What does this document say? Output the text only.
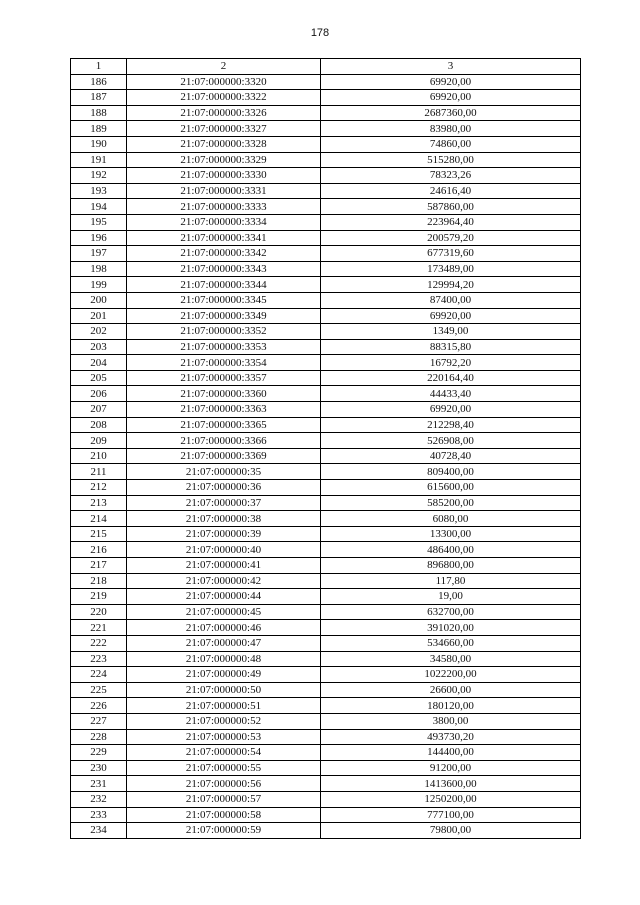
178
1	2	3
186	21:07:000000:3320	69920,00
187	21:07:000000:3322	69920,00
188	21:07:000000:3326	2687360,00
189	21:07:000000:3327	83980,00
190	21:07:000000:3328	74860,00
191	21:07:000000:3329	515280,00
192	21:07:000000:3330	78323,26
193	21:07:000000:3331	24616,40
194	21:07:000000:3333	587860,00
195	21:07:000000:3334	223964,40
196	21:07:000000:3341	200579,20
197	21:07:000000:3342	677319,60
198	21:07:000000:3343	173489,00
199	21:07:000000:3344	129994,20
200	21:07:000000:3345	87400,00
201	21:07:000000:3349	69920,00
202	21:07:000000:3352	1349,00
203	21:07:000000:3353	88315,80
204	21:07:000000:3354	16792,20
205	21:07:000000:3357	220164,40
206	21:07:000000:3360	44433,40
207	21:07:000000:3363	69920,00
208	21:07:000000:3365	212298,40
209	21:07:000000:3366	526908,00
210	21:07:000000:3369	40728,40
211	21:07:000000:35	809400,00
212	21:07:000000:36	615600,00
213	21:07:000000:37	585200,00
214	21:07:000000:38	6080,00
215	21:07:000000:39	13300,00
216	21:07:000000:40	486400,00
217	21:07:000000:41	896800,00
218	21:07:000000:42	117,80
219	21:07:000000:44	19,00
220	21:07:000000:45	632700,00
221	21:07:000000:46	391020,00
222	21:07:000000:47	534660,00
223	21:07:000000:48	34580,00
224	21:07:000000:49	1022200,00
225	21:07:000000:50	26600,00
226	21:07:000000:51	180120,00
227	21:07:000000:52	3800,00
228	21:07:000000:53	493730,20
229	21:07:000000:54	144400,00
230	21:07:000000:55	91200,00
231	21:07:000000:56	1413600,00
232	21:07:000000:57	1250200,00
233	21:07:000000:58	777100,00
234	21:07:000000:59	79800,00
